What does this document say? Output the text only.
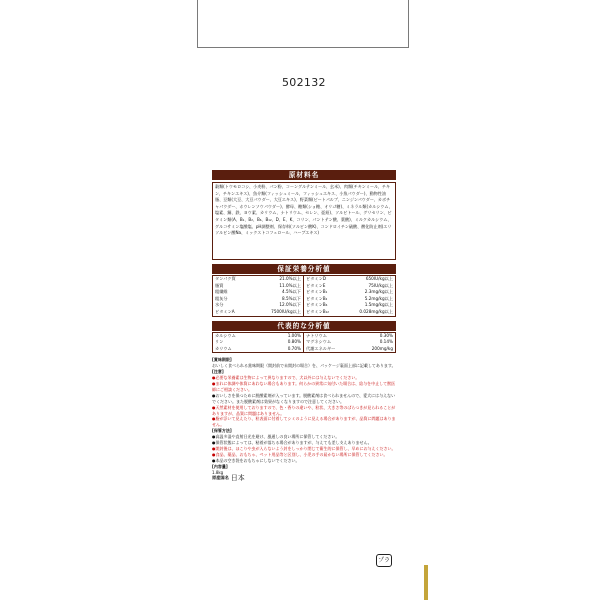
502132
原材料名
穀類(トウモロコシ、小麦粉、パン粉、コーングルテンミール、玄米)、肉類(チキンミール、チキン、チキンエキス)、魚介類(フィッシュミール、フィッシュエキス、小魚パウダー)、動物性油脂、豆類(大豆、大豆パウダー、大豆エキス)、野菜類(ビートパルプ、ニンジンパウダー、カボチャパウダー、ホウレンソウパウダー)、酵母、糖類(ショ糖、オリゴ糖)、ミネラル類(カルシウム、塩素、銅、鉄、ヨウ素、カリウム、ナトリウム、セレン、亜鉛)、ソルビトール、グリセリン、ビタミン類(A、B₁、B₂、B₆、B₁₂、D、E、K、コリン、パントテン酸、葉酸)、ミルクカルシウム、グルコサミン塩酸塩、pH調整剤、保存料(ソルビン酸K)、コンドロイチン硫酸、酸化防止剤(エリソルビン酸Na、ミックストコフェロール、ハーブエキス)
保証栄養分析値
タンパク質	21.0%以上 ビタミンD	650IU/kg以上
脂質	11.0%以上 ビタミンE	75IU/kg以上
粗繊維	4.5%以下 ビタミンB₁	2.3mg/kg以上
粗灰分	8.5%以下 ビタミンB₂	5.2mg/kg以上
水分	12.0%以下 ビタミンB₆	1.5mg/kg以上
ビタミンA	7500IU/kg以上 ビタミンB₁₂	0.028mg/kg以上
代表的な分析値
カルシウム	1.00% ナトリウム	0.30%
リン	0.80% マグネシウム	0.14%
カリウム	0.70% 代謝エネルギー	200mg/kg
[賞味期限]
おいしく食べられる賞味期限（開封前で未開封の場合）を、パッケージ裏面上部に記載してあります。
[注意]
●必要な栄養素は生物によって異なりますので、犬以外には与えないでください。
●まれに体調や体質にあわない場合もあります。何らかの異常に気付いた場合は、給与を中止して獣医師にご相談ください。
●おいしさを保つために脱酸素剤が入っています。脱酸素剤は食べられませんので、愛犬には与えないでください。また脱酸素剤は効果がなくなりますので注意してください。
●天然素材を使用しておりますので、色・香りの違いや、粒状、大きさ等のばらつきが見られることがありますが、品質に問題はありません。
●脂が浮いて見えたり、粒表面に付着してシミのように見える場合がありますが、品質に問題はありません。
[保管方法]
●高温多湿や直射日光を避け、風通しの良い場所に保管してください。
●保管状態によっては、粘着が落ちる場合がありますが、与えても差し支えありません。
●開封後は、ほこりや虫が入らないよう封をしっかり閉じて衛生的に保管し、早めにお与えください。
●食品、薬品、おもちゃ、ペット用品等と区別し、小児の手の届かない場所に保管してください。
●本品の空き袋をおもちゃにしないでください。
[内容量]
1.8kg
原産国名 日本
プラ
